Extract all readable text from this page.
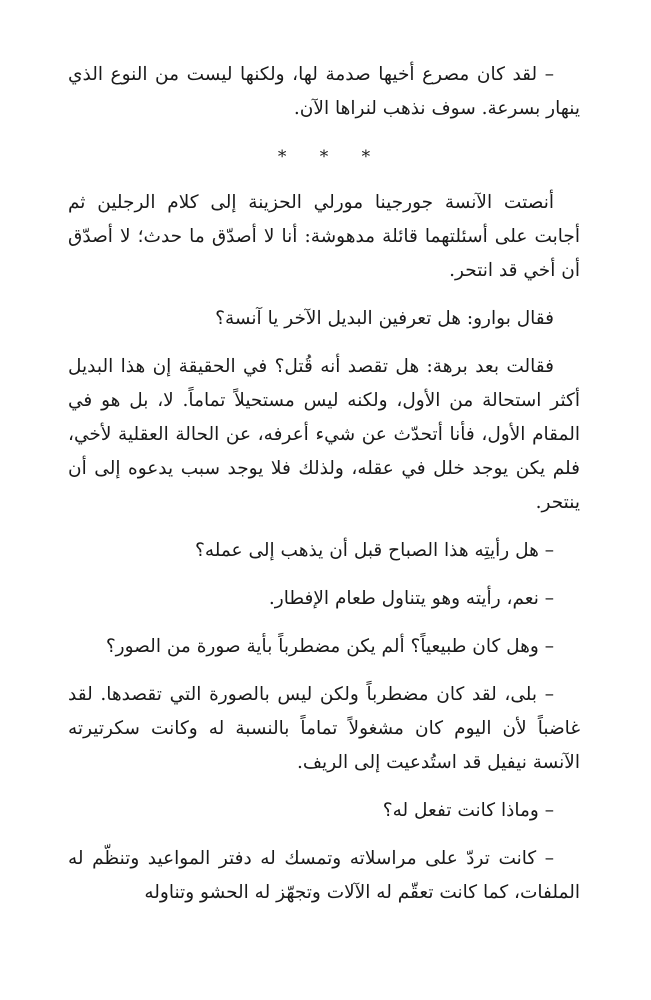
– لقد كان مصرع أخيها صدمة لها، ولكنها ليست من النوع الذي ينهار بسرعة. سوف نذهب لنراها الآن.

* * *

أنصتت الآنسة جورجينا مورلي الحزينة إلى كلام الرجلين ثم أجابت على أسئلتهما قائلة مدهوشة: أنا لا أصدّق ما حدث؛ لا أصدّق أن أخي قد انتحر.

فقال بوارو: هل تعرفين البديل الآخر يا آنسة؟

فقالت بعد برهة: هل تقصد أنه قُتل؟ في الحقيقة إن هذا البديل أكثر استحالة من الأول، ولكنه ليس مستحيلاً تماماً. لا، بل هو في المقام الأول، فأنا أتحدّث عن شيء أعرفه، عن الحالة العقلية لأخي، فلم يكن يوجد خلل في عقله، ولذلك فلا يوجد سبب يدعوه إلى أن ينتحر.

– هل رأيتِه هذا الصباح قبل أن يذهب إلى عمله؟

– نعم، رأيته وهو يتناول طعام الإفطار.

– وهل كان طبيعياً؟ ألم يكن مضطرباً بأية صورة من الصور؟

– بلى، لقد كان مضطرباً ولكن ليس بالصورة التي تقصدها. لقد غاضباً لأن اليوم كان مشغولاً تماماً بالنسبة له وكانت سكرتيرته الآنسة نيفيل قد استُدعيت إلى الريف.

– وماذا كانت تفعل له؟

– كانت تردّ على مراسلاته وتمسك له دفتر المواعيد وتنظّم له الملفات، كما كانت تعقّم له الآلات وتجهّز له الحشو وتناوله
